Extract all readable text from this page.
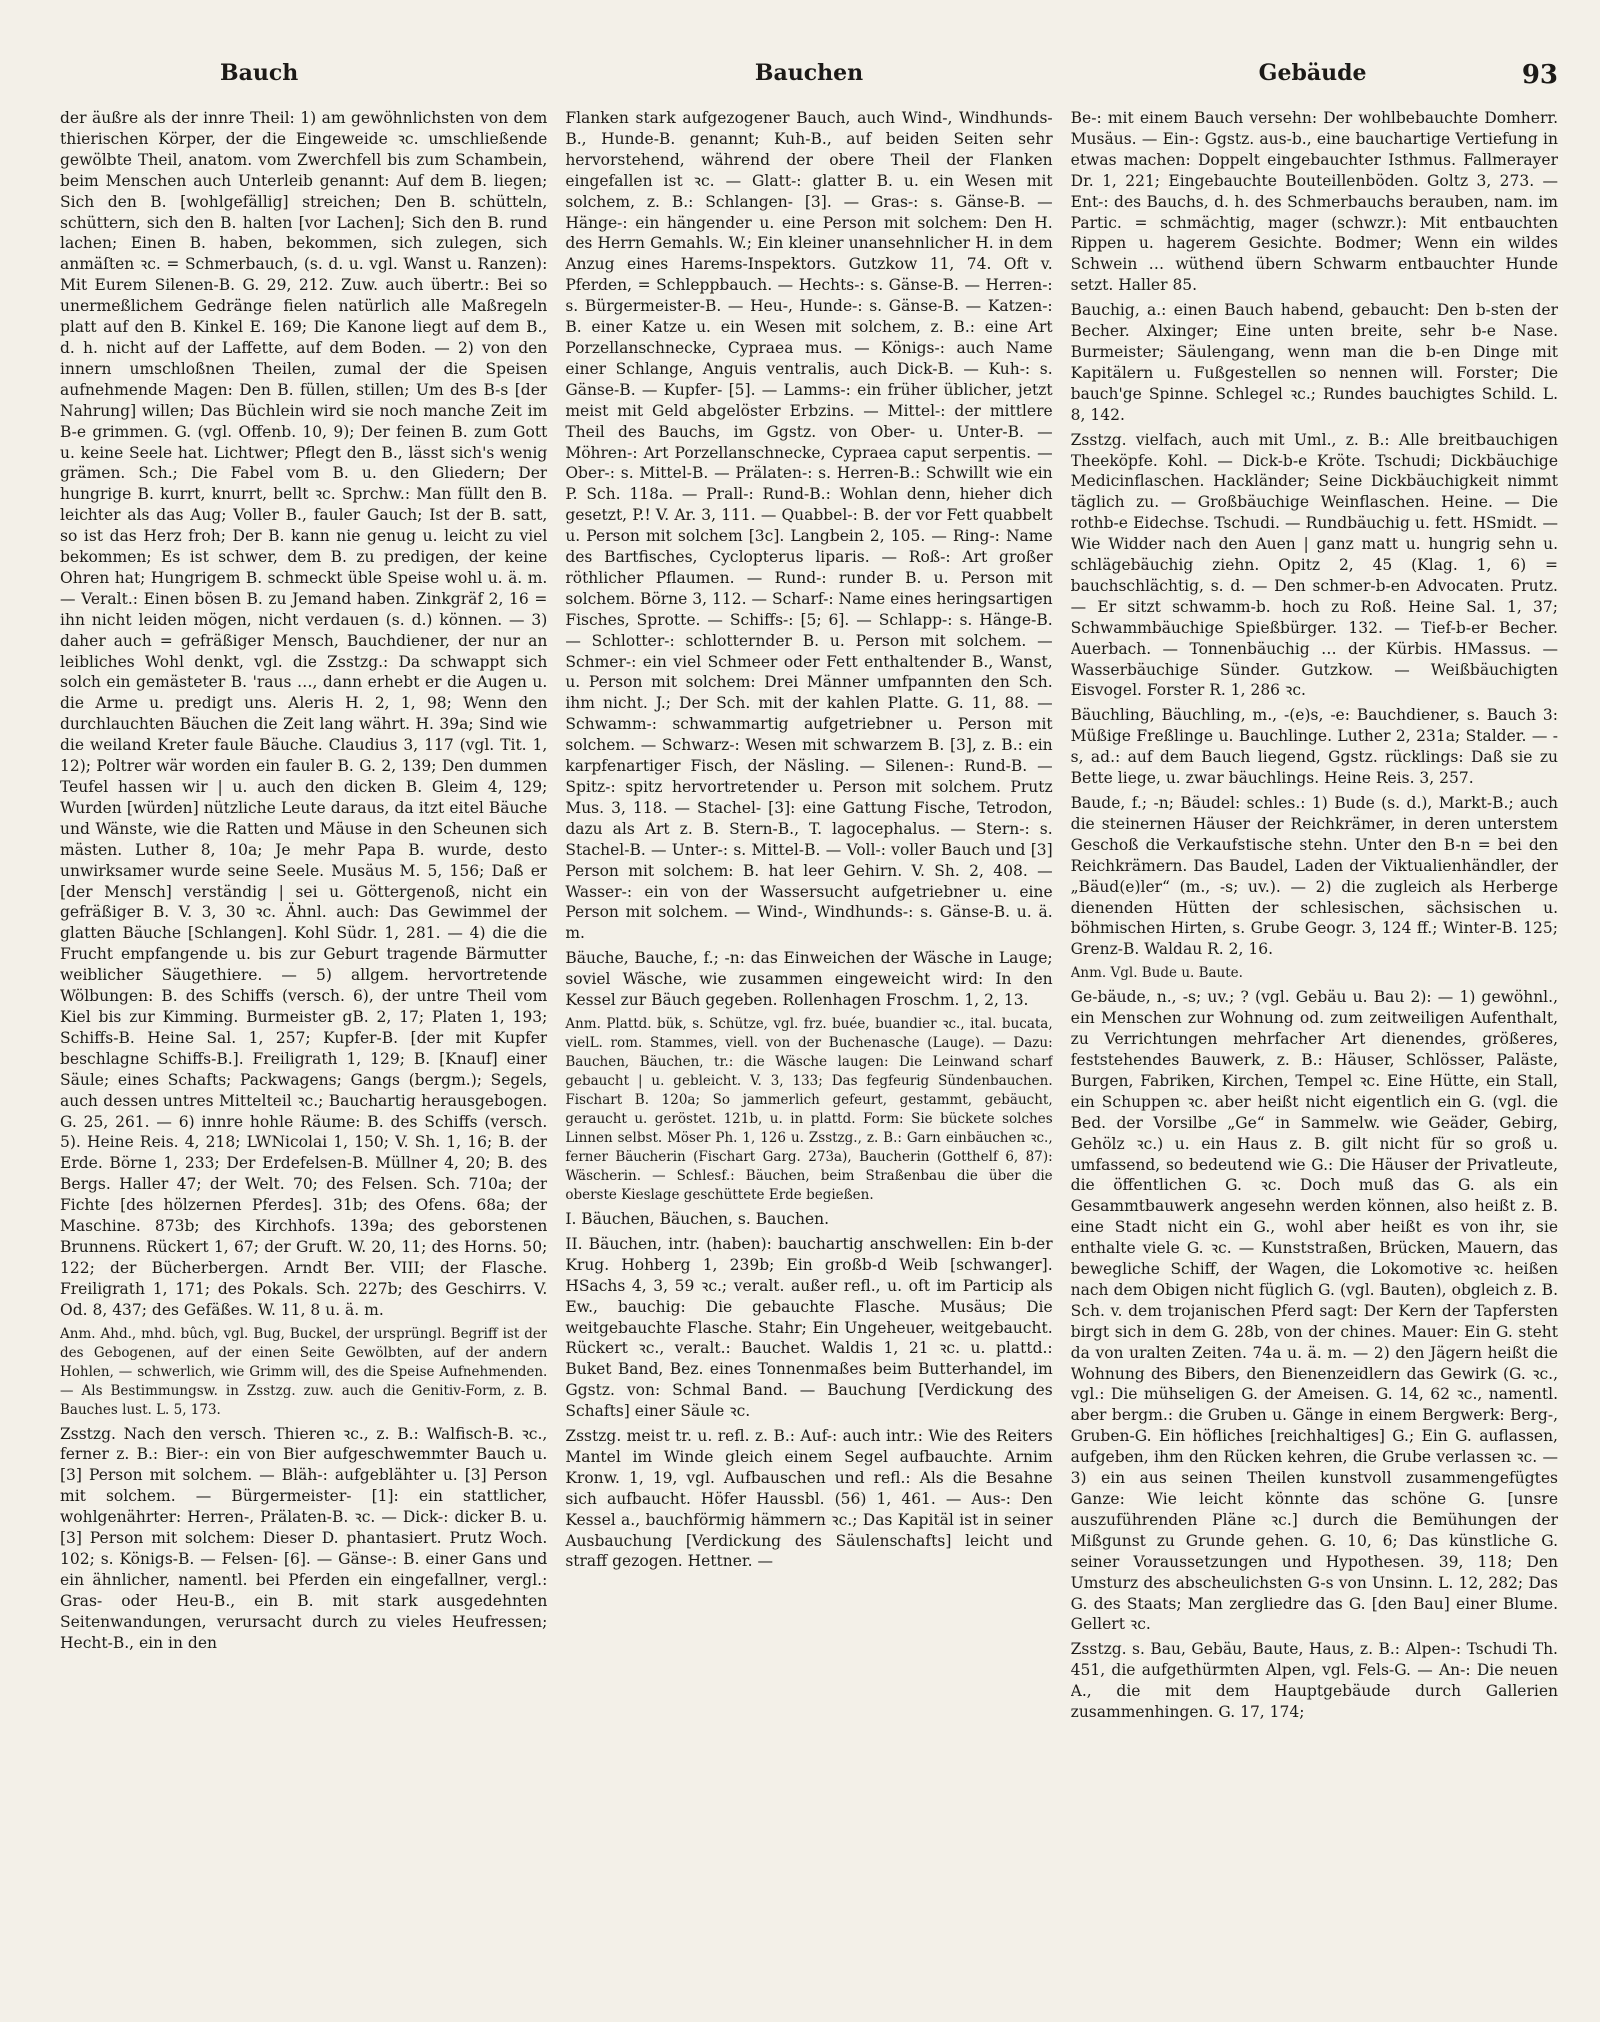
Bauch	Bauchen	Gebäude	93

der äußre als der innre Theil: 1) am gewöhnlichsten von dem thierischen Körper, der die Eingeweide ꝛc. umschließende gewölbte Theil, anatom. vom Zwerchfell bis zum Schambein, beim Menschen auch Unterleib genannt: Auf dem B. liegen; Sich den B. [wohlgefällig] streichen; Den B. schütteln, schüttern, sich den B. halten [vor Lachen]; Sich den B. rund lachen; Einen B. haben, bekommen, sich zulegen, sich anmäſten ꝛc. = Schmerbauch, (s. d. u. vgl. Wanst u. Ranzen): Mit Eurem Silenen-B. G. 29, 212. Zuw. auch übertr.: Bei so unermeßlichem Gedränge fielen natürlich alle Maßregeln platt auf den B. Kinkel E. 169; Die Kanone liegt auf dem B., d. h. nicht auf der Laffette, auf dem Boden. — 2) von den innern umschloßnen Theilen, zumal der die Speisen aufnehmende Magen: Den B. füllen, stillen; Um des B-s [der Nahrung] willen; Das Büchlein wird sie noch manche Zeit im B-e grimmen. G. (vgl. Offenb. 10, 9); Der feinen B. zum Gott u. keine Seele hat. Lichtwer; Pflegt den B., lässt sich's wenig grämen. Sch.; Die Fabel vom B. u. den Gliedern; Der hungrige B. kurrt, knurrt, bellt ꝛc. Sprchw.: Man füllt den B. leichter als das Aug; Voller B., fauler Gauch; Ist der B. satt, so ist das Herz froh; Der B. kann nie genug u. leicht zu viel bekommen; Es ist schwer, dem B. zu predigen, der keine Ohren hat; Hungrigem B. schmeckt üble Speise wohl u. ä. m. — Veralt.: Einen bösen B. zu Jemand haben. Zinkgräf 2, 16 = ihn nicht leiden mögen, nicht verdauen (s. d.) können. — 3) daher auch = gefräßiger Mensch, Bauchdiener, der nur an leibliches Wohl denkt, vgl. die Zsstzg.: Da schwappt sich solch ein gemästeter B. 'raus …, dann erhebt er die Augen u. die Arme u. predigt uns. Aleris H. 2, 1, 98; Wenn den durchlauchten Bäuchen die Zeit lang währt. H. 39a; Sind wie die weiland Kreter faule Bäuche. Claudius 3, 117 (vgl. Tit. 1, 12); Poltrer wär worden ein fauler B. G. 2, 139; Den dummen Teufel hassen wir | u. auch den dicken B. Gleim 4, 129; Wurden [würden] nützliche Leute daraus, da itzt eitel Bäuche und Wänste, wie die Ratten und Mäuse in den Scheunen sich mästen. Luther 8, 10a; Je mehr Papa B. wurde, desto unwirksamer wurde seine Seele. Musäus M. 5, 156; Daß er [der Mensch] verständig | sei u. Göttergenoß, nicht ein gefräßiger B. V. 3, 30 ꝛc. Ähnl. auch: Das Gewimmel der glatten Bäuche [Schlangen]. Kohl Südr. 1, 281. — 4) die die Frucht empfangende u. bis zur Geburt tragende Bärmutter weiblicher Säugethiere. — 5) allgem. hervortretende Wölbungen: B. des Schiffs (versch. 6), der untre Theil vom Kiel bis zur Kimming. Burmeister gB. 2, 17; Platen 1, 193; Schiffs-B. Heine Sal. 1, 257; Kupfer-B. [der mit Kupfer beschlagne Schiffs-B.]. Freiligrath 1, 129; B. [Knauf] einer Säule; eines Schafts; Packwagens; Gangs (bergm.); Segels, auch dessen untres Mittelteil ꝛc.; Bauchartig herausgebogen. G. 25, 261. — 6) innre hohle Räume: B. des Schiffs (versch. 5). Heine Reis. 4, 218; LWNicolai 1, 150; V. Sh. 1, 16; B. der Erde. Börne 1, 233; Der Erdefelsen-B. Müllner 4, 20; B. des Bergs. Haller 47; der Welt. 70; des Felsen. Sch. 710a; der Fichte [des hölzernen Pferdes]. 31b; des Ofens. 68a; der Maschine. 873b; des Kirchhofs. 139a; des geborstenen Brunnens. Rückert 1, 67; der Gruft. W. 20, 11; des Horns. 50; 122; der Bücherbergen. Arndt Ber. VIII; der Flasche. Freiligrath 1, 171; des Pokals. Sch. 227b; des Geschirrs. V. Od. 8, 437; des Gefäßes. W. 11, 8 u. ä. m.

Anm. Ahd., mhd. bûch, vgl. Bug, Buckel, der ursprüngl. Begriff ist der des Gebogenen, auf der einen Seite Gewölbten, auf der andern Hohlen, — schwerlich, wie Grimm will, des die Speise Aufnehmenden. — Als Bestimmungsw. in Zsstzg. zuw. auch die Genitiv-Form, z. B. Bauches lust. L. 5, 173.

Zsstzg. Nach den versch. Thieren ꝛc., z. B.: Walfisch-B. ꝛc., ferner z. B.: Bier-: ein von Bier aufgeschwemmter Bauch u. [3] Person mit solchem. — Bläh-: aufgeblähter u. [3] Person mit solchem. — Bürgermeister- [1]: ein stattlicher, wohlgenährter: Herren-, Prälaten-B. ꝛc. — Dick-: dicker B. u. [3] Person mit solchem: Dieser D. phantasiert. Prutz Woch. 102; s. Königs-B. — Felsen- [6]. — Gänse-: B. einer Gans und ein ähnlicher, namentl. bei Pferden ein eingefallner, vergl.: Gras- oder Heu-B., ein B. mit stark ausgedehnten Seitenwandungen, verursacht durch zu vieles Heufressen; Hecht-B., ein in den

Flanken stark aufgezogener Bauch, auch Wind-, Windhunds-B., Hunde-B. genannt; Kuh-B., auf beiden Seiten sehr hervorstehend, während der obere Theil der Flanken eingefallen ist ꝛc. — Glatt-: glatter B. u. ein Wesen mit solchem, z. B.: Schlangen- [3]. — Gras-: s. Gänse-B. — Hänge-: ein hängender u. eine Person mit solchem: Den H. des Herrn Gemahls. W.; Ein kleiner unansehnlicher H. in dem Anzug eines Harems-Inspektors. Gutzkow 11, 74. Oft v. Pferden, = Schleppbauch. — Hechts-: s. Gänse-B. — Herren-: s. Bürgermeister-B. — Heu-, Hunde-: s. Gänse-B. — Katzen-: B. einer Katze u. ein Wesen mit solchem, z. B.: eine Art Porzellanschnecke, Cypraea mus. — Königs-: auch Name einer Schlange, Anguis ventralis, auch Dick-B. — Kuh-: s. Gänse-B. — Kupfer- [5]. — Lamms-: ein früher üblicher, jetzt meist mit Geld abgelöster Erbzins. — Mittel-: der mittlere Theil des Bauchs, im Ggstz. von Ober- u. Unter-B. — Möhren-: Art Porzellanschnecke, Cypraea caput serpentis. — Ober-: s. Mittel-B. — Prälaten-: s. Herren-B.: Schwillt wie ein P. Sch. 118a. — Prall-: Rund-B.: Wohlan denn, hieher dich gesetzt, P.! V. Ar. 3, 111. — Quabbel-: B. der vor Fett quabbelt u. Person mit solchem [3c]. Langbein 2, 105. — Ring-: Name des Bartfisches, Cyclopterus liparis. — Roß-: Art großer röthlicher Pflaumen. — Rund-: runder B. u. Person mit solchem. Börne 3, 112. — Scharf-: Name eines heringsartigen Fisches, Sprotte. — Schiffs-: [5; 6]. — Schlapp-: s. Hänge-B. — Schlotter-: schlotternder B. u. Person mit solchem. — Schmer-: ein viel Schmeer oder Fett enthaltender B., Wanst, u. Person mit solchem: Drei Männer umfpannten den Sch. ihm nicht. J.; Der Sch. mit der kahlen Platte. G. 11, 88. — Schwamm-: schwammartig aufgetriebner u. Person mit solchem. — Schwarz-: Wesen mit schwarzem B. [3], z. B.: ein karpfenartiger Fisch, der Näsling. — Silenen-: Rund-B. — Spitz-: spitz hervortretender u. Person mit solchem. Prutz Mus. 3, 118. — Stachel- [3]: eine Gattung Fische, Tetrodon, dazu als Art z. B. Stern-B., T. lagocephalus. — Stern-: s. Stachel-B. — Unter-: s. Mittel-B. — Voll-: voller Bauch und [3] Person mit solchem: B. hat leer Gehirn. V. Sh. 2, 408. — Wasser-: ein von der Wassersucht aufgetriebner u. eine Person mit solchem. — Wind-, Windhunds-: s. Gänse-B. u. ä. m.

Bäuche, Bauche, f.; -n: das Einweichen der Wäsche in Lauge; soviel Wäsche, wie zusammen eingeweicht wird: In den Kessel zur Bäuch gegeben. Rollenhagen Froschm. 1, 2, 13.

Anm. Plattd. bük, s. Schütze, vgl. frz. buée, buandier ꝛc., ital. bucata, vielL. rom. Stammes, viell. von der Buchenasche (Lauge). — Dazu: Bauchen, Bäuchen, tr.: die Wäsche laugen: Die Leinwand scharf gebaucht | u. gebleicht. V. 3, 133; Das fegfeurig Sündenbauchen. Fischart B. 120a; So jammerlich gefeurt, gestammt, gebäucht, geraucht u. geröstet. 121b, u. in plattd. Form: Sie bückete solches Linnen selbst. Möser Ph. 1, 126 u. Zsstzg., z. B.: Garn einbäuchen ꝛc., ferner Bäucherin (Fischart Garg. 273a), Baucherin (Gotthelf 6, 87): Wäscherin. — Schlesf.: Bäuchen, beim Straßenbau die über die oberste Kieslage geschüttete Erde begießen.

I. Bäuchen, Bäuchen, s. Bauchen.

II. Bäuchen, intr. (haben): bauchartig anschwellen: Ein b-der Krug. Hohberg 1, 239b; Ein großb-d Weib [schwanger]. HSachs 4, 3, 59 ꝛc.; veralt. außer refl., u. oft im Particip als Ew., bauchig: Die gebauchte Flasche. Musäus; Die weitgebauchte Flasche. Stahr; Ein Ungeheuer, weitgebaucht. Rückert ꝛc., veralt.: Bauchet. Waldis 1, 21 ꝛc. u. plattd.: Buket Band, Bez. eines Tonnenmaßes beim Butterhandel, im Ggstz. von: Schmal Band. — Bauchung [Verdickung des Schafts] einer Säule ꝛc.

Zsstzg. meist tr. u. refl. z. B.: Auf-: auch intr.: Wie des Reiters Mantel im Winde gleich einem Segel aufbauchte. Arnim Kronw. 1, 19, vgl. Aufbauschen und refl.: Als die Besahne sich aufbaucht. Höfer Haussbl. (56) 1, 461. — Aus-: Den Kessel a., bauchförmig hämmern ꝛc.; Das Kapitäl ist in seiner Ausbauchung [Verdickung des Säulenschafts] leicht und straff gezogen. Hettner. —

Be-: mit einem Bauch versehn: Der wohlbebauchte Domherr. Musäus. — Ein-: Ggstz. aus-b., eine bauchartige Vertiefung in etwas machen: Doppelt eingebauchter Isthmus. Fallmerayer Dr. 1, 221; Eingebauchte Bouteillenböden. Goltz 3, 273. — Ent-: des Bauchs, d. h. des Schmerbauchs berauben, nam. im Partic. = schmächtig, mager (schwzr.): Mit entbauchten Rippen u. hagerem Gesichte. Bodmer; Wenn ein wildes Schwein … wüthend übern Schwarm entbauchter Hunde setzt. Haller 85.

Bauchig, a.: einen Bauch habend, gebaucht: Den b-sten der Becher. Alxinger; Eine unten breite, sehr b-e Nase. Burmeister; Säulengang, wenn man die b-en Dinge mit Kapitälern u. Fußgestellen so nennen will. Forster; Die bauch'ge Spinne. Schlegel ꝛc.; Rundes bauchigtes Schild. L. 8, 142.

Zsstzg. vielfach, auch mit Uml., z. B.: Alle breitbauchigen Theeköpfe. Kohl. — Dick-b-e Kröte. Tschudi; Dickbäuchige Medicinflaschen. Hackländer; Seine Dickbäuchigkeit nimmt täglich zu. — Großbäuchige Weinflaschen. Heine. — Die rothb-e Eidechse. Tschudi. — Rundbäuchig u. fett. HSmidt. — Wie Widder nach den Auen | ganz matt u. hungrig sehn u. schlägebäuchig ziehn. Opitz 2, 45 (Klag. 1, 6) = bauchschlächtig, s. d. — Den schmer-b-en Advocaten. Prutz. — Er sitzt schwamm-b. hoch zu Roß. Heine Sal. 1, 37; Schwammbäuchige Spießbürger. 132. — Tief-b-er Becher. Auerbach. — Tonnenbäuchig … der Kürbis. HMassus. — Wasserbäuchige Sünder. Gutzkow. — Weißbäuchigten Eisvogel. Forster R. 1, 286 ꝛc.

Bäuchling, Bäuchling, m., -(e)s, -e: Bauchdiener, s. Bauch 3: Müßige Freßlinge u. Bauchlinge. Luther 2, 231a; Stalder. — -s, ad.: auf dem Bauch liegend, Ggstz. rücklings: Daß sie zu Bette liege, u. zwar bäuchlings. Heine Reis. 3, 257.

Baude, f.; -n; Bäudel: schles.: 1) Bude (s. d.), Markt-B.; auch die steinernen Häuser der Reichkrämer, in deren unterstem Geschoß die Verkaufstische stehn. Unter den B-n = bei den Reichkrämern. Das Baudel, Laden der Viktualienhändler, der „Bäud(e)ler“ (m., -s; uv.). — 2) die zugleich als Herberge dienenden Hütten der schlesischen, sächsischen u. böhmischen Hirten, s. Grube Geogr. 3, 124 ff.; Winter-B. 125; Grenz-B. Waldau R. 2, 16.

Anm. Vgl. Bude u. Baute.

Ge-bäude, n., -s; uv.; ? (vgl. Gebäu u. Bau 2): — 1) gewöhnl., ein Menschen zur Wohnung od. zum zeitweiligen Aufenthalt, zu Verrichtungen mehrfacher Art dienendes, größeres, feststehendes Bauwerk, z. B.: Häuser, Schlösser, Paläste, Burgen, Fabriken, Kirchen, Tempel ꝛc. Eine Hütte, ein Stall, ein Schuppen ꝛc. aber heißt nicht eigentlich ein G. (vgl. die Bed. der Vorsilbe „Ge“ in Sammelw. wie Geäder, Gebirg, Gehölz ꝛc.) u. ein Haus z. B. gilt nicht für so groß u. umfassend, so bedeutend wie G.: Die Häuser der Privatleute, die öffentlichen G. ꝛc. Doch muß das G. als ein Gesammtbauwerk angesehn werden können, also heißt z. B. eine Stadt nicht ein G., wohl aber heißt es von ihr, sie enthalte viele G. ꝛc. — Kunststraßen, Brücken, Mauern, das bewegliche Schiff, der Wagen, die Lokomotive ꝛc. heißen nach dem Obigen nicht füglich G. (vgl. Bauten), obgleich z. B. Sch. v. dem trojanischen Pferd sagt: Der Kern der Tapfersten birgt sich in dem G. 28b, von der chines. Mauer: Ein G. steht da von uralten Zeiten. 74a u. ä. m. — 2) den Jägern heißt die Wohnung des Bibers, den Bienenzeidlern das Gewirk (G. ꝛc., vgl.: Die mühseligen G. der Ameisen. G. 14, 62 ꝛc., namentl. aber bergm.: die Gruben u. Gänge in einem Bergwerk: Berg-, Gruben-G. Ein höfliches [reichhaltiges] G.; Ein G. auflassen, aufgeben, ihm den Rücken kehren, die Grube verlassen ꝛc. — 3) ein aus seinen Theilen kunstvoll zusammengefügtes Ganze: Wie leicht könnte das schöne G. [unsre auszuführenden Pläne ꝛc.] durch die Bemühungen der Mißgunst zu Grunde gehen. G. 10, 6; Das künstliche G. seiner Voraussetzungen und Hypothesen. 39, 118; Den Umsturz des abscheulichsten G-s von Unsinn. L. 12, 282; Das G. des Staats; Man zergliedre das G. [den Bau] einer Blume. Gellert ꝛc.

Zsstzg. s. Bau, Gebäu, Baute, Haus, z. B.: Alpen-: Tschudi Th. 451, die aufgethürmten Alpen, vgl. Fels-G. — An-: Die neuen A., die mit dem Hauptgebäude durch Gallerien zusammenhingen. G. 17, 174;
